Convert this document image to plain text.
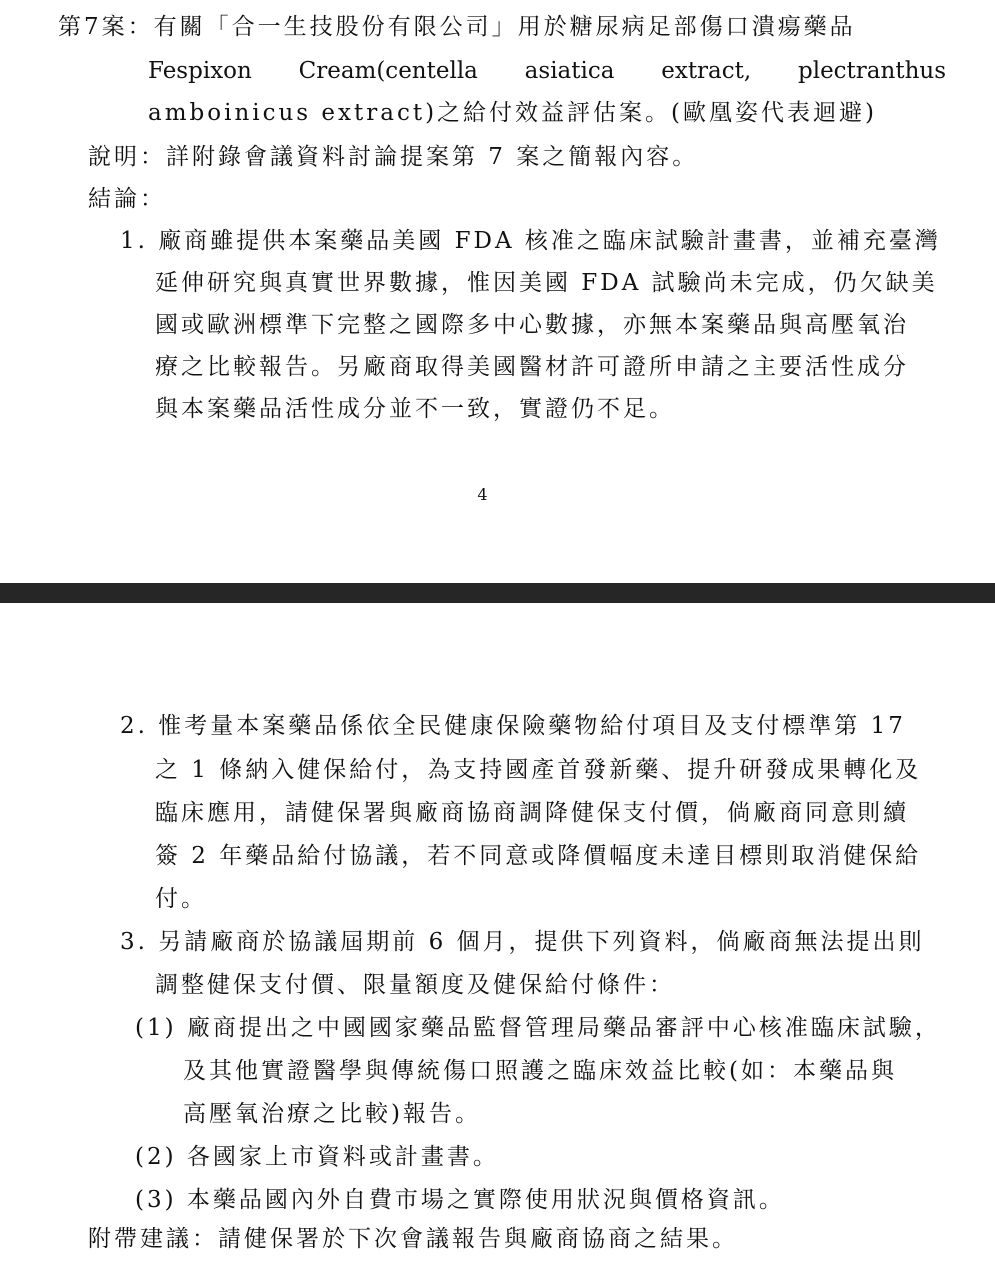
第7案：有關「合一生技股份有限公司」用於糖尿病足部傷口潰瘍藥品
Fespixon Cream(centella asiatica extract, plectranthus
amboinicus extract)之給付效益評估案。(歐凰姿代表迴避)
說明：詳附錄會議資料討論提案第 7 案之簡報內容。
結論：
1. 廠商雖提供本案藥品美國 FDA 核准之臨床試驗計畫書，並補充臺灣
延伸研究與真實世界數據，惟因美國 FDA 試驗尚未完成，仍欠缺美
國或歐洲標準下完整之國際多中心數據，亦無本案藥品與高壓氧治
療之比較報告。另廠商取得美國醫材許可證所申請之主要活性成分
與本案藥品活性成分並不一致，實證仍不足。
4
2. 惟考量本案藥品係依全民健康保險藥物給付項目及支付標準第 17
之 1 條納入健保給付，為支持國產首發新藥、提升研發成果轉化及
臨床應用，請健保署與廠商協商調降健保支付價，倘廠商同意則續
簽 2 年藥品給付協議，若不同意或降價幅度未達目標則取消健保給
付。
3. 另請廠商於協議屆期前 6 個月，提供下列資料，倘廠商無法提出則
調整健保支付價、限量額度及健保給付條件：
(1) 廠商提出之中國國家藥品監督管理局藥品審評中心核准臨床試驗，
及其他實證醫學與傳統傷口照護之臨床效益比較(如：本藥品與
高壓氧治療之比較)報告。
(2) 各國家上市資料或計畫書。
(3) 本藥品國內外自費市場之實際使用狀況與價格資訊。
附帶建議：請健保署於下次會議報告與廠商協商之結果。
